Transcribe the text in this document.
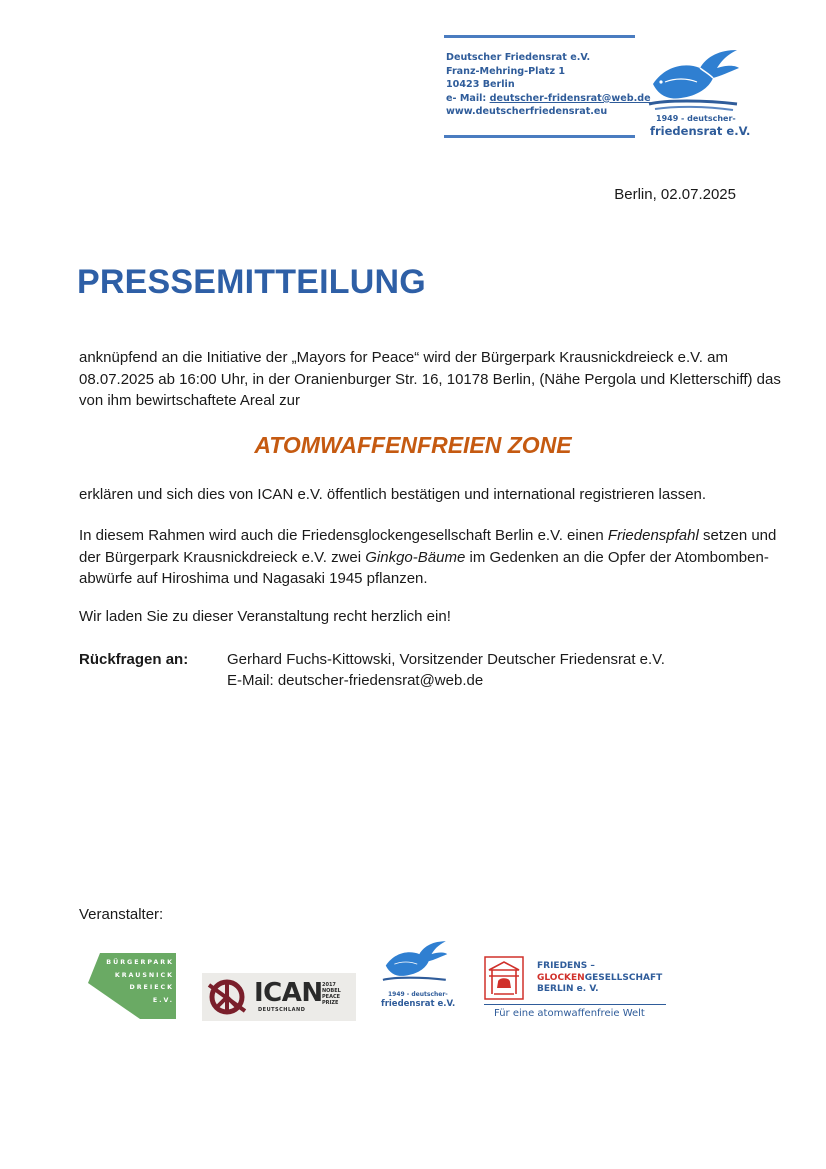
Deutscher Friedensrat e.V.
Franz-Mehring-Platz 1
10423 Berlin
e- Mail: deutscher-fridensrat@web.de
www.deutscherfriedensrat.eu
1949 - deutscher-
friedensrat e.V.
Berlin, 02.07.2025
PRESSEMITTEILUNG
anknüpfend an die Initiative der „Mayors for Peace“ wird der Bürgerpark Krausnickdreieck e.V. am 08.07.2025 ab 16:00 Uhr, in der Oranienburger Str. 16, 10178 Berlin, (Nähe Pergola und Kletterschiff) das von ihm bewirtschaftete Areal zur
ATOMWAFFENFREIEN ZONE
erklären und sich dies von ICAN e.V. öffentlich bestätigen und international registrieren lassen.
In diesem Rahmen wird auch die Friedensglockengesellschaft Berlin e.V. einen Friedenspfahl setzen und der Bürgerpark Krausnickdreieck e.V. zwei Ginkgo-Bäume im Gedenken an die Opfer der Atombomben-abwürfe auf Hiroshima und Nagasaki 1945 pflanzen.
Wir laden Sie zu dieser Veranstaltung recht herzlich ein!
Rückfragen an:	Gerhard Fuchs-Kittowski, Vorsitzender Deutscher Friedensrat e.V.
E-Mail: deutscher-friedensrat@web.de
Veranstalter:
BÜRGERPARK
KRAUSNICK
DREIECK
E.V.	ICAN
DEUTSCHLAND
2017
NOBEL
PEACE
PRIZE
1949 - deutscher-
friedensrat e.V.
FRIEDENS –
GLOCKENGESELLSCHAFT
BERLIN e. V.
Für eine atomwaffenfreie Welt
